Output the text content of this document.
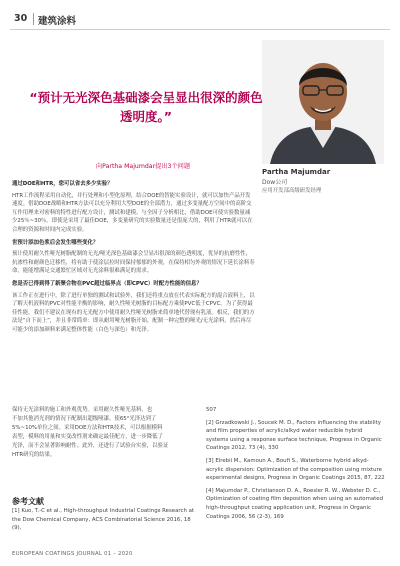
30 建筑涂料
“预计无光深色基础漆会呈显出很深的颜色
透明度。”
向Partha Majumdar提出3个问题
Partha Majumdar
Dow公司
应用开发部高级研发经理

通过DOE和HTR，您可以省去多少实验？

HTR工作流程采用自动化，并行处理和小型化原理，结合DOE的智能实验设计，就可以加快产品开发速度。借助DOE战略和HTR方法可以充分利用大型DOE的全部潜力，通过多变量配方空间中的高阶交互作用理来对密料的特性进行配方设计，测试和建模。与全因子分析相比，借助DOE可使实验数量减少25％~30％。即使是采用了最佳DOE，多变量研究的实验数量还是很庞大的，利用了HTR就可以在合理的资源和时间内完成实验。

世预计添加色浆后会发生哪些变化？

预计使用耐久性哑光树脂配制的无光/哑光深色基础漆会呈显出很深的颜色透明度，优异的抗磨性性，抗渗性和耐颜色迁移性，将有助于使涂层拉时间保持郁郁的外观，在保持相匀外观的情况下延长涂料寿命，能能增满足交通繁忙区域对无光涂料很难满足的需求。

您是否已得到得了新聚合物在PVC超过临界点（即CPVC）时配方性能的信息？

该工作正在进行中，除了进行单独的测试和试验外，我们还将重点放在代表实际配方的混合液料上，以了解天机液料的PVC对性能平衡的影响，耐久性哑光树脂的目标配方乘使PVC低于CPVC。为了获得最佳性能，我们不建议在现有的无光配方中使用耐久性哑光树脂来简单地代替现有乳液。相反，我们的方法是“自下而上”，并且非常简单：即从耐用哑光树脂开始，配制一种完整的哑光/无光涂料，然后再尽可能少的添加颜料来满足整体性能（白色与深色）和光泽。

保持无光涂料的施工和外观优势。采用耐久性哑光基料，也
不加其他消光剂的情况下配制出超级哑漆。使65°光泽达到了
5%~10%单位之间。采用DOE方法和HTR技术，可以根据模料
表型，模料的用量和实变改性剂来确定最佳配方，进一步降低了
光泽，而不会显著影响耐性。此外，还进行了试验台实验，以验证
HTR研究的结果。
参考文献
[1] Kuo, T.-C et al., High-throughput Industrial Coatings Research at the Dow Chemical Company, ACS Combinatorial Science 2016, 18 (9),

507

[2] Grzadkowski J., Soucek M. D., Factors influencing the stability and film properties of acrylic/alkyd water reducible hybrid systems using a response surface technique, Progress in Organic Coatings 2012, 73 (4), 330

[3] Elrebii M., Kamoun A., Boufi S., Waterborne hybrid alkyd-acrylic dispersion: Optimization of the composition using mixture experimental designs, Progress in Organic Coatings 2015, 87, 222

[4] Majumdar P., Christianson D. A., Roesler R. W., Webster D. C., Optimization of coating film deposition when using an automated high-throughput coating application unit, Progress in Organic Coatings 2006, 56 (2-3), 169

EUROPEAN COATINGS JOURNAL 01 – 2020
